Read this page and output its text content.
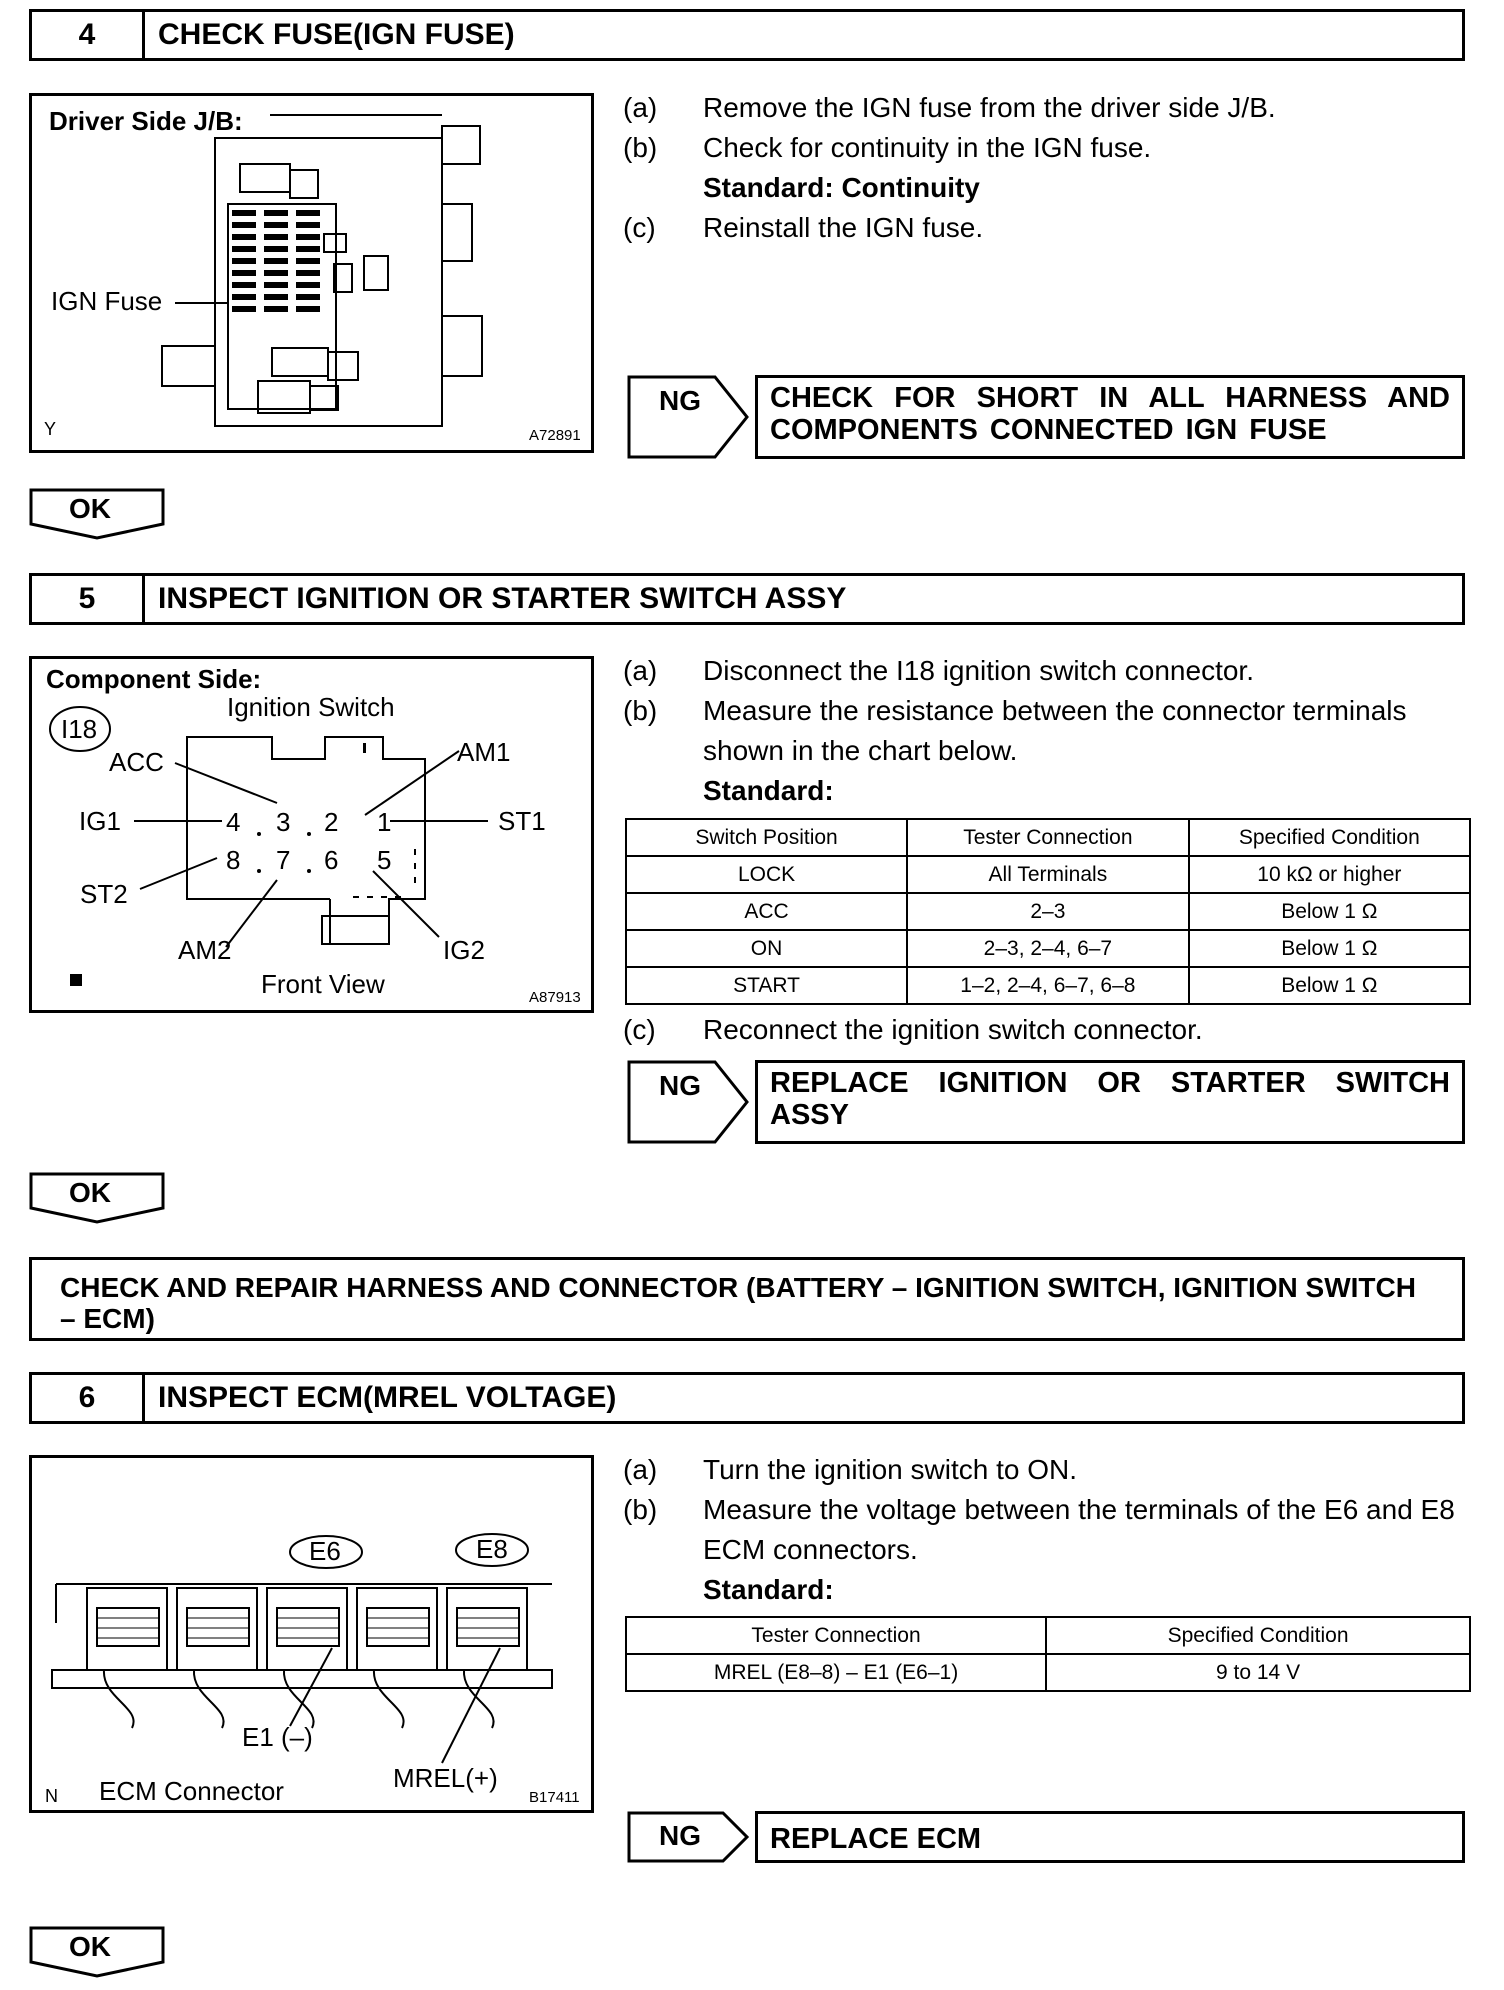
4	CHECK FUSE(IGN FUSE)
Driver Side J/B:
IGN Fuse
Y	A72891
(a)	Remove the IGN fuse from the driver side J/B.
(b)	Check for continuity in the IGN fuse.
Standard: Continuity
(c)	Reinstall the IGN fuse.
NG	CHECK FOR SHORT IN ALL HARNESS AND COMPONENTS CONNECTED IGN FUSE
OK
5	INSPECT IGNITION OR STARTER SWITCH ASSY
Component Side:
Ignition Switch
I18
ACC	AM1
IG1	ST1
ST2
AM2	IG2
4 3 2 1
8 7 6 5
Front View	A87913
(a)	Disconnect the I18 ignition switch connector.
(b)	Measure the resistance between the connector terminals shown in the chart below.
Standard:
Switch Position	Tester Connection	Specified Condition
LOCK	All Terminals	10 kΩ or higher
ACC	2–3	Below 1 Ω
ON	2–3, 2–4, 6–7	Below 1 Ω
START	1–2, 2–4, 6–7, 6–8	Below 1 Ω
(c)	Reconnect the ignition switch connector.
NG	REPLACE IGNITION OR STARTER SWITCH ASSY
OK
CHECK AND REPAIR HARNESS AND CONNECTOR (BATTERY – IGNITION SWITCH, IGNITION SWITCH – ECM)
6	INSPECT ECM(MREL VOLTAGE)
E6	E8
E1 (–)
MREL(+)
ECM Connector
N	B17411
(a)	Turn the ignition switch to ON.
(b)	Measure the voltage between the terminals of the E6 and E8 ECM connectors.
Standard:
Tester Connection	Specified Condition
MREL (E8–8) – E1 (E6–1)	9 to 14 V
NG	REPLACE ECM
OK
